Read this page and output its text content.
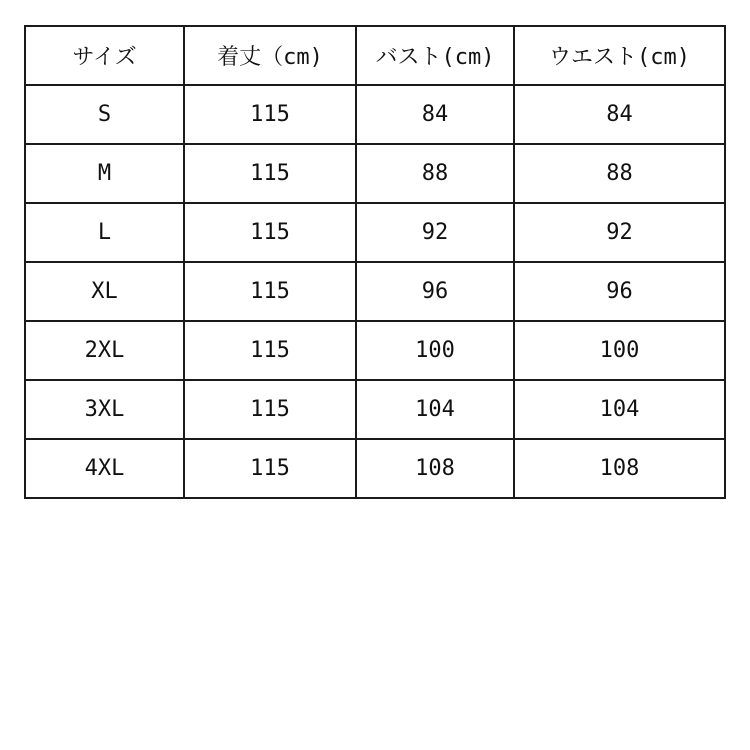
サイズ	着丈（cm)	バスト(cm)	ウエスト(cm)
S	115	84	84
M	115	88	88
L	115	92	92
XL	115	96	96
2XL	115	100	100
3XL	115	104	104
4XL	115	108	108
